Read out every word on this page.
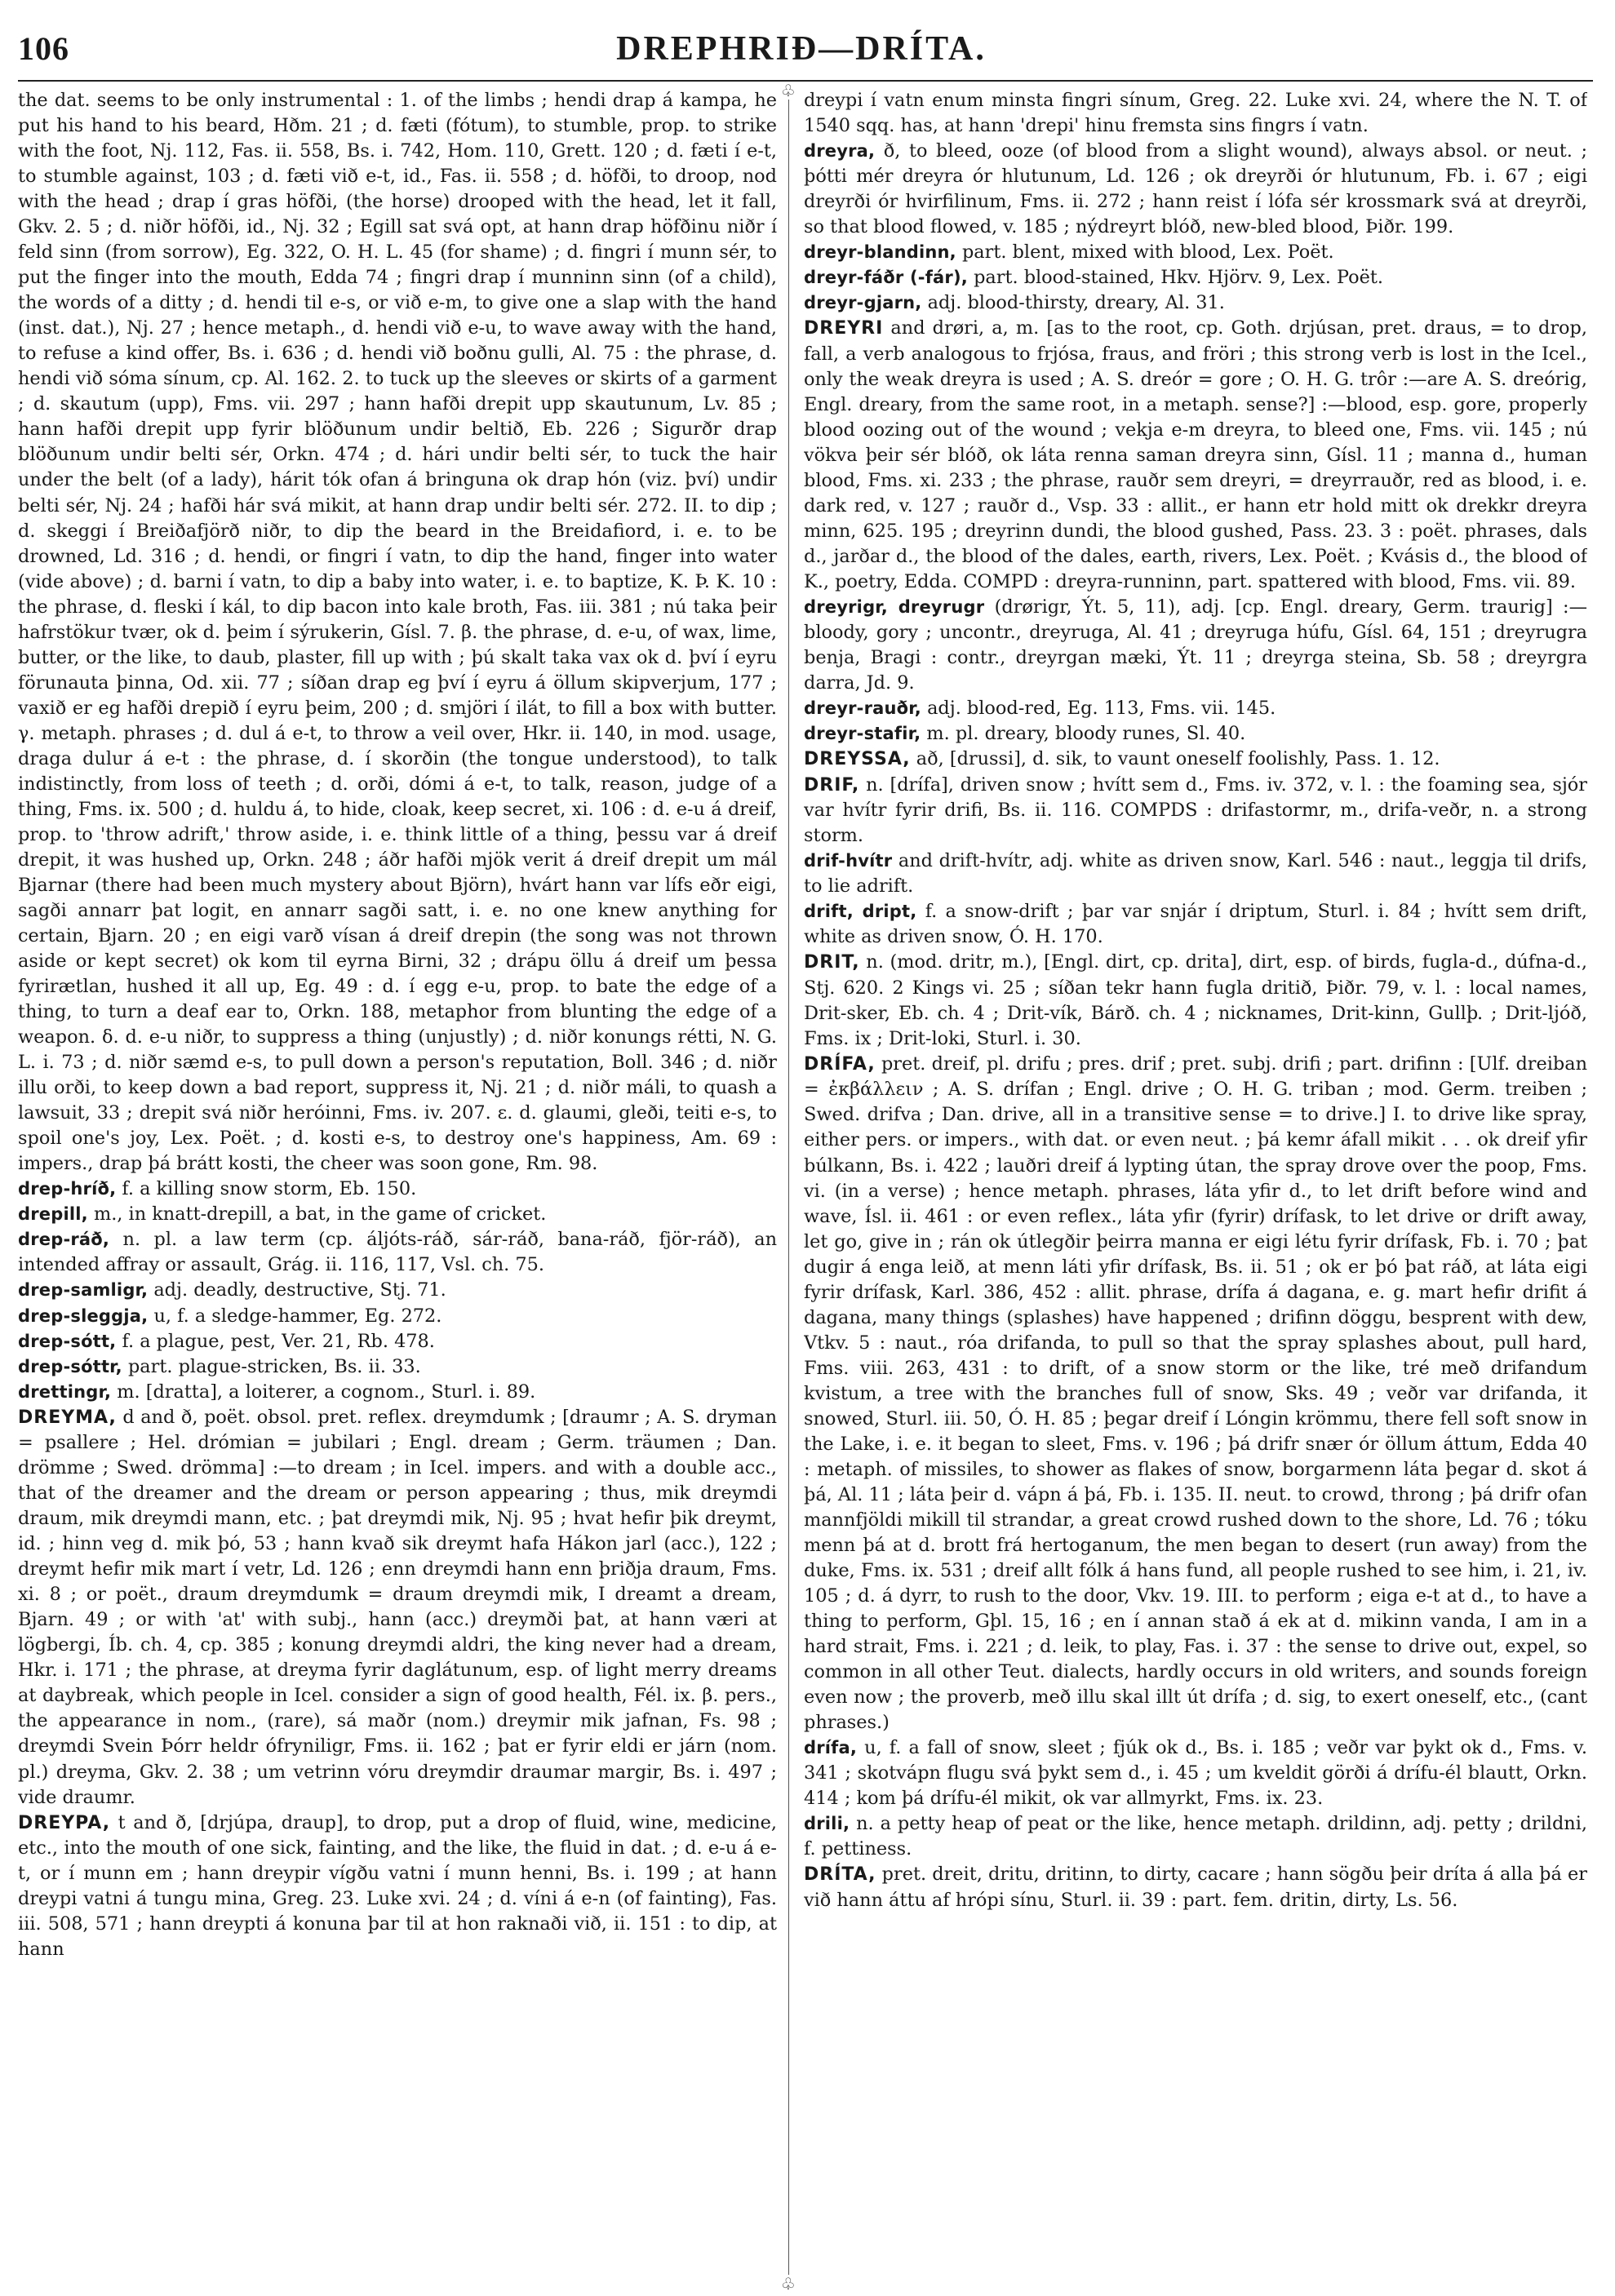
106	DREPHRIÐ—DRÍTA.

the dat. seems to be only instrumental : 1. of the limbs ; hendi drap á kampa, he put his hand to his beard, Hðm. 21 ; d. fæti (fótum), to stumble, prop. to strike with the foot, Nj. 112, Fas. ii. 558, Bs. i. 742, Hom. 110, Grett. 120 ; d. fæti í e-t, to stumble against, 103 ; d. fæti við e-t, id., Fas. ii. 558 ; d. höfði, to droop, nod with the head ; drap í gras höfði, (the horse) drooped with the head, let it fall, Gkv. 2. 5 ; d. niðr höfði, id., Nj. 32 ; Egill sat svá opt, at hann drap höfðinu niðr í feld sinn (from sorrow), Eg. 322, O. H. L. 45 (for shame) ; d. fingri í munn sér, to put the finger into the mouth, Edda 74 ; fingri drap í munninn sinn (of a child), the words of a ditty ; d. hendi til e-s, or við e-m, to give one a slap with the hand (inst. dat.), Nj. 27 ; hence metaph., d. hendi við e-u, to wave away with the hand, to refuse a kind offer, Bs. i. 636 ; d. hendi við boðnu gulli, Al. 75 : the phrase, d. hendi við sóma sínum, cp. Al. 162. 2. to tuck up the sleeves or skirts of a garment ; d. skautum (upp), Fms. vii. 297 ; hann hafði drepit upp skautunum, Lv. 85 ; hann hafði drepit upp fyrir blöðunum undir beltið, Eb. 226 ; Sigurðr drap blöðunum undir belti sér, Orkn. 474 ; d. hári undir belti sér, to tuck the hair under the belt (of a lady), hárit tók ofan á bringuna ok drap hón (viz. því) undir belti sér, Nj. 24 ; hafði hár svá mikit, at hann drap undir belti sér. 272. II. to dip ; d. skeggi í Breiðafjörð niðr, to dip the beard in the Breidafiord, i. e. to be drowned, Ld. 316 ; d. hendi, or fingri í vatn, to dip the hand, finger into water (vide above) ; d. barni í vatn, to dip a baby into water, i. e. to baptize, K. Þ. K. 10 : the phrase, d. fleski í kál, to dip bacon into kale broth, Fas. iii. 381 ; nú taka þeir hafrstökur tvær, ok d. þeim í sýrukerin, Gísl. 7. β. the phrase, d. e-u, of wax, lime, butter, or the like, to daub, plaster, fill up with ; þú skalt taka vax ok d. því í eyru förunauta þinna, Od. xii. 77 ; síðan drap eg því í eyru á öllum skipverjum, 177 ; vaxið er eg hafði drepið í eyru þeim, 200 ; d. smjöri í ilát, to fill a box with butter. γ. metaph. phrases ; d. dul á e-t, to throw a veil over, Hkr. ii. 140, in mod. usage, draga dulur á e-t : the phrase, d. í skorðin (the tongue understood), to talk indistinctly, from loss of teeth ; d. orði, dómi á e-t, to talk, reason, judge of a thing, Fms. ix. 500 ; d. huldu á, to hide, cloak, keep secret, xi. 106 : d. e-u á dreif, prop. to 'throw adrift,' throw aside, i. e. think little of a thing, þessu var á dreif drepit, it was hushed up, Orkn. 248 ; áðr hafði mjök verit á dreif drepit um mál Bjarnar (there had been much mystery about Björn), hvárt hann var lífs eðr eigi, sagði annarr þat logit, en annarr sagði satt, i. e. no one knew anything for certain, Bjarn. 20 ; en eigi varð vísan á dreif drepin (the song was not thrown aside or kept secret) ok kom til eyrna Birni, 32 ; drápu öllu á dreif um þessa fyrirætlan, hushed it all up, Eg. 49 : d. í egg e-u, prop. to bate the edge of a thing, to turn a deaf ear to, Orkn. 188, metaphor from blunting the edge of a weapon. δ. d. e-u niðr, to suppress a thing (unjustly) ; d. niðr konungs rétti, N. G. L. i. 73 ; d. niðr sæmd e-s, to pull down a person's reputation, Boll. 346 ; d. niðr illu orði, to keep down a bad report, suppress it, Nj. 21 ; d. niðr máli, to quash a lawsuit, 33 ; drepit svá niðr heróinni, Fms. iv. 207. ε. d. glaumi, gleði, teiti e-s, to spoil one's joy, Lex. Poët. ; d. kosti e-s, to destroy one's happiness, Am. 69 : impers., drap þá brátt kosti, the cheer was soon gone, Rm. 98.

drep-hríð, f. a killing snow storm, Eb. 150.

drepill, m., in knatt-drepill, a bat, in the game of cricket.

drep-ráð, n. pl. a law term (cp. áljóts-ráð, sár-ráð, bana-ráð, fjör-ráð), an intended affray or assault, Grág. ii. 116, 117, Vsl. ch. 75.

drep-samligr, adj. deadly, destructive, Stj. 71.

drep-sleggja, u, f. a sledge-hammer, Eg. 272.

drep-sótt, f. a plague, pest, Ver. 21, Rb. 478.

drep-sóttr, part. plague-stricken, Bs. ii. 33.

drettingr, m. [dratta], a loiterer, a cognom., Sturl. i. 89.

DREYMA, d and ð, poët. obsol. pret. reflex. dreymdumk ; [draumr ; A. S. dryman = psallere ; Hel. drómian = jubilari ; Engl. dream ; Germ. träumen ; Dan. drömme ; Swed. drömma] :—to dream ; in Icel. impers. and with a double acc., that of the dreamer and the dream or person appearing ; thus, mik dreymdi draum, mik dreymdi mann, etc. ; þat dreymdi mik, Nj. 95 ; hvat hefir þik dreymt, id. ; hinn veg d. mik þó, 53 ; hann kvað sik dreymt hafa Hákon jarl (acc.), 122 ; dreymt hefir mik mart í vetr, Ld. 126 ; enn dreymdi hann enn þriðja draum, Fms. xi. 8 ; or poët., draum dreymdumk = draum dreymdi mik, I dreamt a dream, Bjarn. 49 ; or with 'at' with subj., hann (acc.) dreymði þat, at hann væri at lögbergi, Íb. ch. 4, cp. 385 ; konung dreymdi aldri, the king never had a dream, Hkr. i. 171 ; the phrase, at dreyma fyrir daglátunum, esp. of light merry dreams at daybreak, which people in Icel. consider a sign of good health, Fél. ix. β. pers., the appearance in nom., (rare), sá maðr (nom.) dreymir mik jafnan, Fs. 98 ; dreymdi Svein Þórr heldr ófryniligr, Fms. ii. 162 ; þat er fyrir eldi er járn (nom. pl.) dreyma, Gkv. 2. 38 ; um vetrinn vóru dreymdir draumar margir, Bs. i. 497 ; vide draumr.

DREYPA, t and ð, [drjúpa, draup], to drop, put a drop of fluid, wine, medicine, etc., into the mouth of one sick, fainting, and the like, the fluid in dat. ; d. e-u á e-t, or í munn em ; hann dreypir vígðu vatni í munn henni, Bs. i. 199 ; at hann dreypi vatni á tungu mina, Greg. 23. Luke xvi. 24 ; d. víni á e-n (of fainting), Fas. iii. 508, 571 ; hann dreypti á konuna þar til at hon raknaði við, ii. 151 : to dip, at hann

♧
♧

dreypi í vatn enum minsta fingri sínum, Greg. 22. Luke xvi. 24, where the N. T. of 1540 sqq. has, at hann 'drepi' hinu fremsta sins fingrs í vatn.

dreyra, ð, to bleed, ooze (of blood from a slight wound), always absol. or neut. ; þótti mér dreyra ór hlutunum, Ld. 126 ; ok dreyrði ór hlutunum, Fb. i. 67 ; eigi dreyrði ór hvirfilinum, Fms. ii. 272 ; hann reist í lófa sér krossmark svá at dreyrði, so that blood flowed, v. 185 ; nýdreyrt blóð, new-bled blood, Þiðr. 199.

dreyr-blandinn, part. blent, mixed with blood, Lex. Poët.

dreyr-fáðr (-fár), part. blood-stained, Hkv. Hjörv. 9, Lex. Poët.

dreyr-gjarn, adj. blood-thirsty, dreary, Al. 31.

DREYRI and drøri, a, m. [as to the root, cp. Goth. drjúsan, pret. draus, = to drop, fall, a verb analogous to frjósa, fraus, and fröri ; this strong verb is lost in the Icel., only the weak dreyra is used ; A. S. dreór = gore ; O. H. G. trôr :—are A. S. dreórig, Engl. dreary, from the same root, in a metaph. sense?] :—blood, esp. gore, properly blood oozing out of the wound ; vekja e-m dreyra, to bleed one, Fms. vii. 145 ; nú vökva þeir sér blóð, ok láta renna saman dreyra sinn, Gísl. 11 ; manna d., human blood, Fms. xi. 233 ; the phrase, rauðr sem dreyri, = dreyrrauðr, red as blood, i. e. dark red, v. 127 ; rauðr d., Vsp. 33 : allit., er hann etr hold mitt ok drekkr dreyra minn, 625. 195 ; dreyrinn dundi, the blood gushed, Pass. 23. 3 : poët. phrases, dals d., jarðar d., the blood of the dales, earth, rivers, Lex. Poët. ; Kvásis d., the blood of K., poetry, Edda. COMPD : dreyra-runninn, part. spattered with blood, Fms. vii. 89.

dreyrigr, dreyrugr (drørigr, Ýt. 5, 11), adj. [cp. Engl. dreary, Germ. traurig] :—bloody, gory ; uncontr., dreyruga, Al. 41 ; dreyruga húfu, Gísl. 64, 151 ; dreyrugra benja, Bragi : contr., dreyrgan mæki, Ýt. 11 ; dreyrga steina, Sb. 58 ; dreyrgra darra, Jd. 9.

dreyr-rauðr, adj. blood-red, Eg. 113, Fms. vii. 145.

dreyr-stafir, m. pl. dreary, bloody runes, Sl. 40.

DREYSSA, að, [drussi], d. sik, to vaunt oneself foolishly, Pass. 1. 12.

DRIF, n. [drífa], driven snow ; hvítt sem d., Fms. iv. 372, v. l. : the foaming sea, sjór var hvítr fyrir drifi, Bs. ii. 116. COMPDS : drifastormr, m., drifa-veðr, n. a strong storm.

drif-hvítr and drift-hvítr, adj. white as driven snow, Karl. 546 : naut., leggja til drifs, to lie adrift.

drift, dript, f. a snow-drift ; þar var snjár í driptum, Sturl. i. 84 ; hvítt sem drift, white as driven snow, Ó. H. 170.

DRIT, n. (mod. dritr, m.), [Engl. dirt, cp. drita], dirt, esp. of birds, fugla-d., dúfna-d., Stj. 620. 2 Kings vi. 25 ; síðan tekr hann fugla dritið, Þiðr. 79, v. l. : local names, Drit-sker, Eb. ch. 4 ; Drit-vík, Bárð. ch. 4 ; nicknames, Drit-kinn, Gullþ. ; Drit-ljóð, Fms. ix ; Drit-loki, Sturl. i. 30.

DRÍFA, pret. dreif, pl. drifu ; pres. drif ; pret. subj. drifi ; part. drifinn : [Ulf. dreiban = ἐκβάλλειν ; A. S. drífan ; Engl. drive ; O. H. G. triban ; mod. Germ. treiben ; Swed. drifva ; Dan. drive, all in a transitive sense = to drive.] I. to drive like spray, either pers. or impers., with dat. or even neut. ; þá kemr áfall mikit . . . ok dreif yfir búlkann, Bs. i. 422 ; lauðri dreif á lypting útan, the spray drove over the poop, Fms. vi. (in a verse) ; hence metaph. phrases, láta yfir d., to let drift before wind and wave, Ísl. ii. 461 : or even reflex., láta yfir (fyrir) drífask, to let drive or drift away, let go, give in ; rán ok útlegðir þeirra manna er eigi létu fyrir drífask, Fb. i. 70 ; þat dugir á enga leið, at menn láti yfir drífask, Bs. ii. 51 ; ok er þó þat ráð, at láta eigi fyrir drífask, Karl. 386, 452 : allit. phrase, drífa á dagana, e. g. mart hefir drifit á dagana, many things (splashes) have happened ; drifinn döggu, besprent with dew, Vtkv. 5 : naut., róa drifanda, to pull so that the spray splashes about, pull hard, Fms. viii. 263, 431 : to drift, of a snow storm or the like, tré með drifandum kvistum, a tree with the branches full of snow, Sks. 49 ; veðr var drifanda, it snowed, Sturl. iii. 50, Ó. H. 85 ; þegar dreif í Lóngin krömmu, there fell soft snow in the Lake, i. e. it began to sleet, Fms. v. 196 ; þá drifr snær ór öllum áttum, Edda 40 : metaph. of missiles, to shower as flakes of snow, borgarmenn láta þegar d. skot á þá, Al. 11 ; láta þeir d. vápn á þá, Fb. i. 135. II. neut. to crowd, throng ; þá drifr ofan mannfjöldi mikill til strandar, a great crowd rushed down to the shore, Ld. 76 ; tóku menn þá at d. brott frá hertoganum, the men began to desert (run away) from the duke, Fms. ix. 531 ; dreif allt fólk á hans fund, all people rushed to see him, i. 21, iv. 105 ; d. á dyrr, to rush to the door, Vkv. 19. III. to perform ; eiga e-t at d., to have a thing to perform, Gþl. 15, 16 ; en í annan stað á ek at d. mikinn vanda, I am in a hard strait, Fms. i. 221 ; d. leik, to play, Fas. i. 37 : the sense to drive out, expel, so common in all other Teut. dialects, hardly occurs in old writers, and sounds foreign even now ; the proverb, með illu skal illt út drífa ; d. sig, to exert oneself, etc., (cant phrases.)

drífa, u, f. a fall of snow, sleet ; fjúk ok d., Bs. i. 185 ; veðr var þykt ok d., Fms. v. 341 ; skotvápn flugu svá þykt sem d., i. 45 ; um kveldit görði á drífu-él blautt, Orkn. 414 ; kom þá drífu-él mikit, ok var allmyrkt, Fms. ix. 23.

drili, n. a petty heap of peat or the like, hence metaph. drildinn, adj. petty ; drildni, f. pettiness.

DRÍTA, pret. dreit, dritu, dritinn, to dirty, cacare ; hann sögðu þeir dríta á alla þá er við hann áttu af hrópi sínu, Sturl. ii. 39 : part. fem. dritin, dirty, Ls. 56.
